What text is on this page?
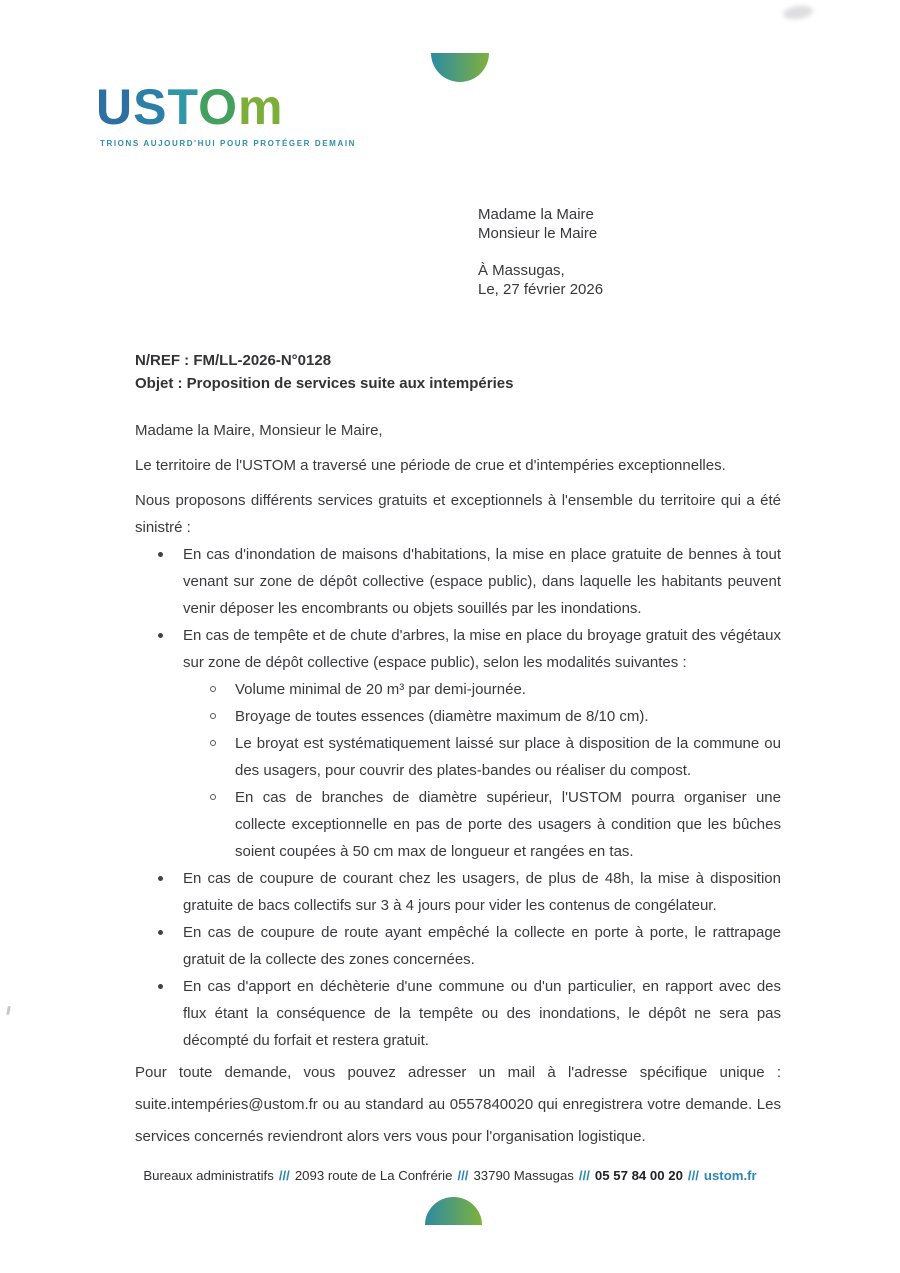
USTOm
TRIONS AUJOURD'HUI POUR PROTÉGER DEMAIN
Madame la Maire
Monsieur le Maire
À Massugas,
Le, 27 février 2026
N/REF : FM/LL-2026-N°0128
Objet : Proposition de services suite aux intempéries

Madame la Maire, Monsieur le Maire,

Le territoire de l'USTOM a traversé une période de crue et d'intempéries exceptionnelles.

Nous proposons différents services gratuits et exceptionnels à l'ensemble du territoire qui a été sinistré :

En cas d'inondation de maisons d'habitations, la mise en place gratuite de bennes à tout venant sur zone de dépôt collective (espace public), dans laquelle les habitants peuvent venir déposer les encombrants ou objets souillés par les inondations.

En cas de tempête et de chute d'arbres, la mise en place du broyage gratuit des végétaux sur zone de dépôt collective (espace public), selon les modalités suivantes :

Volume minimal de 20 m³ par demi-journée.

Broyage de toutes essences (diamètre maximum de 8/10 cm).

Le broyat est systématiquement laissé sur place à disposition de la commune ou des usagers, pour couvrir des plates-bandes ou réaliser du compost.

En cas de branches de diamètre supérieur, l'USTOM pourra organiser une collecte exceptionnelle en pas de porte des usagers à condition que les bûches soient coupées à 50 cm max de longueur et rangées en tas.

En cas de coupure de courant chez les usagers, de plus de 48h, la mise à disposition gratuite de bacs collectifs sur 3 à 4 jours pour vider les contenus de congélateur.

En cas de coupure de route ayant empêché la collecte en porte à porte, le rattrapage gratuit de la collecte des zones concernées.

En cas d'apport en déchèterie d'une commune ou d'un particulier, en rapport avec des flux étant la conséquence de la tempête ou des inondations, le dépôt ne sera pas décompté du forfait et restera gratuit.

Pour toute demande, vous pouvez adresser un mail à l'adresse spécifique unique : suite.intempéries@ustom.fr ou au standard au 0557840020 qui enregistrera votre demande. Les services concernés reviendront alors vers vous pour l'organisation logistique.

Bureaux administratifs /// 2093 route de La Confrérie /// 33790 Massugas /// 05 57 84 00 20 /// ustom.fr
